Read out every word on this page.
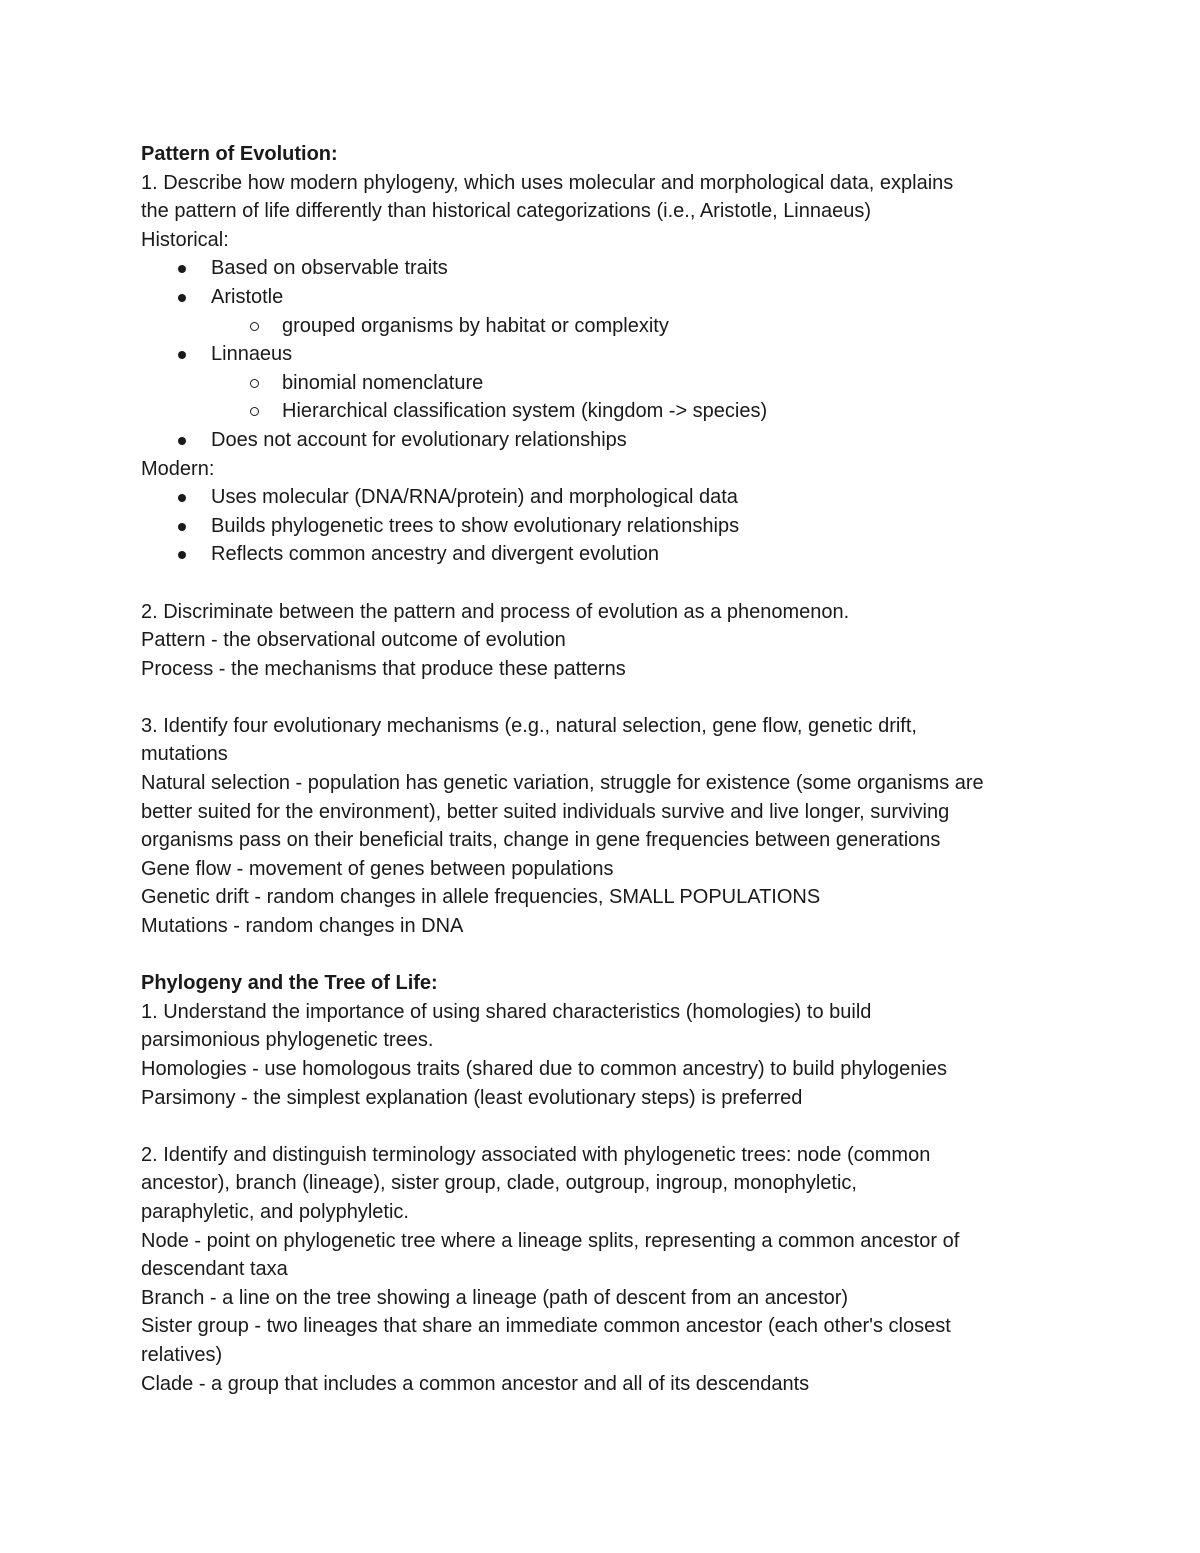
Pattern of Evolution:
1. Describe how modern phylogeny, which uses molecular and morphological data, explains
the pattern of life differently than historical categorizations (i.e., Aristotle, Linnaeus)
Historical:
Based on observable traits
Aristotle
grouped organisms by habitat or complexity
Linnaeus
binomial nomenclature
Hierarchical classification system (kingdom -> species)
Does not account for evolutionary relationships
Modern:
Uses molecular (DNA/RNA/protein) and morphological data
Builds phylogenetic trees to show evolutionary relationships
Reflects common ancestry and divergent evolution
2. Discriminate between the pattern and process of evolution as a phenomenon.
Pattern - the observational outcome of evolution
Process - the mechanisms that produce these patterns
3. Identify four evolutionary mechanisms (e.g., natural selection, gene flow, genetic drift,
mutations
Natural selection - population has genetic variation, struggle for existence (some organisms are
better suited for the environment), better suited individuals survive and live longer, surviving
organisms pass on their beneficial traits, change in gene frequencies between generations
Gene flow - movement of genes between populations
Genetic drift - random changes in allele frequencies, SMALL POPULATIONS
Mutations - random changes in DNA
Phylogeny and the Tree of Life:
1. Understand the importance of using shared characteristics (homologies) to build
parsimonious phylogenetic trees.
Homologies - use homologous traits (shared due to common ancestry) to build phylogenies
Parsimony - the simplest explanation (least evolutionary steps) is preferred
2. Identify and distinguish terminology associated with phylogenetic trees: node (common
ancestor), branch (lineage), sister group, clade, outgroup, ingroup, monophyletic,
paraphyletic, and polyphyletic.
Node - point on phylogenetic tree where a lineage splits, representing a common ancestor of
descendant taxa
Branch - a line on the tree showing a lineage (path of descent from an ancestor)
Sister group - two lineages that share an immediate common ancestor (each other's closest
relatives)
Clade - a group that includes a common ancestor and all of its descendants
